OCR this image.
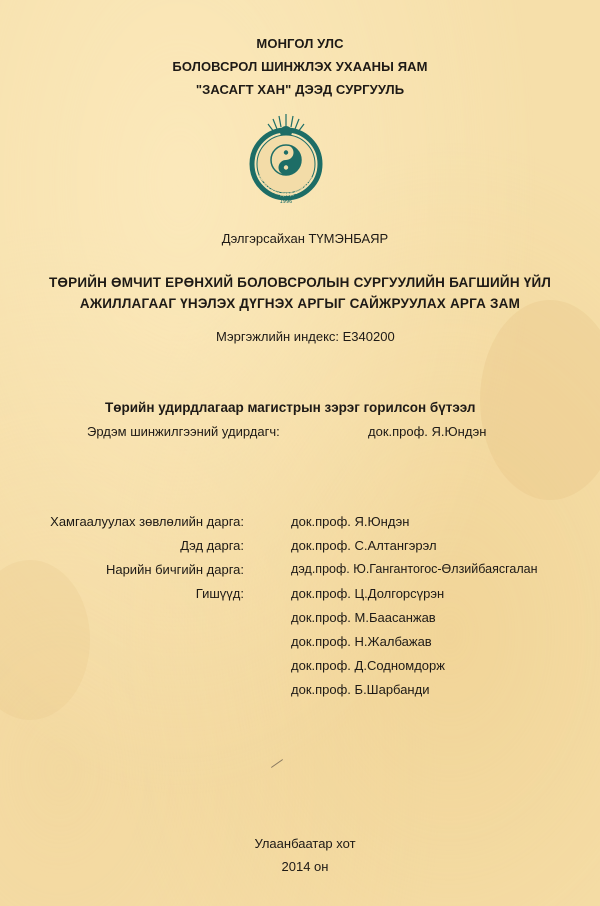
МОНГОЛ УЛС
БОЛОВСРОЛ ШИНЖЛЭХ УХААНЫ ЯАМ
"ЗАСАГТ ХАН" ДЭЭД СУРГУУЛЬ
ЗАСАГТ ХАН ДЭЭД СУРГУУЛЬ
1996
Дэлгэрсайхан ТҮМЭНБАЯР
ТӨРИЙН ӨМЧИТ ЕРӨНХИЙ БОЛОВСРОЛЫН СУРГУУЛИЙН БАГШИЙН ҮЙЛ
АЖИЛЛАГААГ ҮНЭЛЭХ ДҮГНЭХ АРГЫГ САЙЖРУУЛАХ АРГА ЗАМ
Мэргэжлийн индекс: E340200
Төрийн удирдлагаар магистрын зэрэг горилсон бүтээл
Эрдэм шинжилгээний удирдагч:	док.проф. Я.Юндэн
Хамгаалуулах зөвлөлийн дарга:	док.проф. Я.Юндэн
Дэд дарга:	док.проф. С.Алтангэрэл
Нарийн бичгийн дарга:	дэд.проф. Ю.Гангантогос-Өлзийбаясгалан
Гишүүд:	док.проф. Ц.Долгорсүрэн
док.проф. М.Баасанжав
док.проф. Н.Жалбажав
док.проф. Д.Содномдорж
док.проф. Б.Шарбанди
Улаанбаатар хот
2014 он
